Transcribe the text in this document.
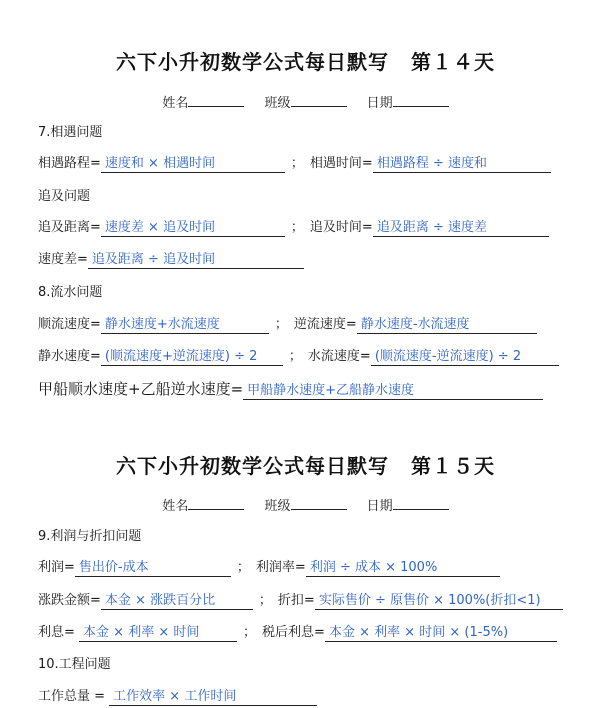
六下小升初数学公式每日默写 第１４天
姓名	班级	日期
7.相遇问题
相遇路程= 速度和 × 相遇时间	； 相遇时间= 相遇路程 ÷ 速度和
追及问题
追及距离= 速度差 × 追及时间	； 追及时间= 追及距离 ÷ 速度差
速度差= 追及距离 ÷ 追及时间
8.流水问题
顺流速度= 静水速度+水流速度	； 逆流速度= 静水速度-水流速度
静水速度= (顺流速度+逆流速度) ÷ 2 ； 水流速度= (顺流速度-逆流速度) ÷ 2
甲船顺水速度+乙船逆水速度= 甲船静水速度+乙船静水速度
六下小升初数学公式每日默写 第１５天
姓名	班级	日期
9.利润与折扣问题
利润= 售出价-成本	； 利润率= 利润 ÷ 成本 × 100%
涨跌金额= 本金 × 涨跌百分比	； 折扣= 实际售价 ÷ 原售价 × 100%(折扣<1)
利息= 本金 × 利率 × 时间	； 税后利息= 本金 × 利率 × 时间 × (1-5%)
10.工程问题
工作总量 = 工作效率 × 工作时间
